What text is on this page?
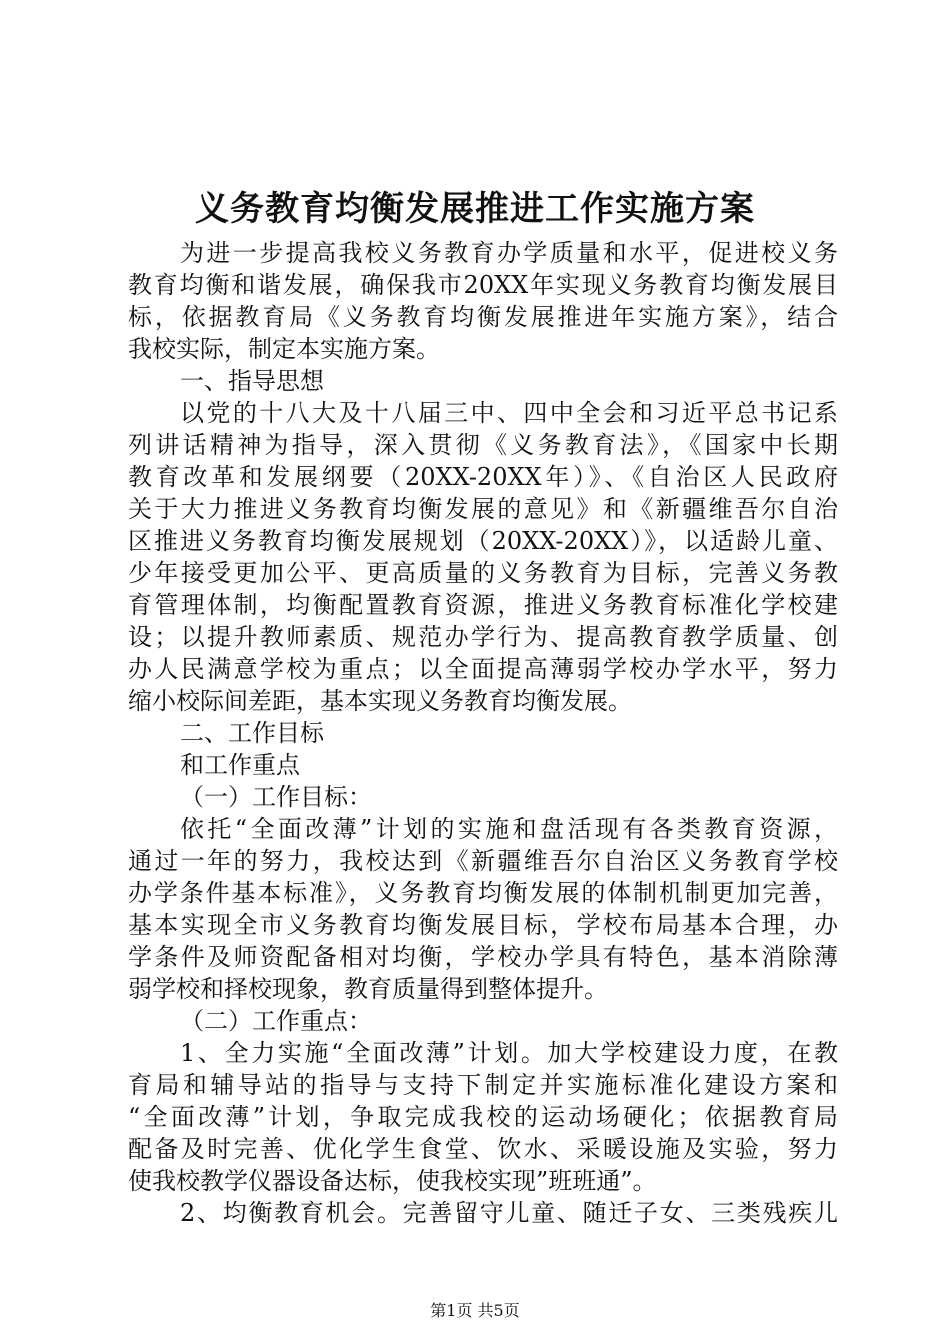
义务教育均衡发展推进工作实施方案
为进一步提高我校义务教育办学质量和水平，促进校义务
教育均衡和谐发展，确保我市20XX年实现义务教育均衡发展目
标，依据教育局《义务教育均衡发展推进年实施方案》，结合
我校实际，制定本实施方案。
一、指导思想
以党的十八大及十八届三中、四中全会和习近平总书记系
列讲话精神为指导，深入贯彻《义务教育法》，《国家中长期
教育改革和发展纲要（20XX-20XX年）》、《自治区人民政府
关于大力推进义务教育均衡发展的意见》和《新疆维吾尔自治
区推进义务教育均衡发展规划（20XX-20XX）》，以适龄儿童、
少年接受更加公平、更高质量的义务教育为目标，完善义务教
育管理体制，均衡配置教育资源，推进义务教育标准化学校建
设；以提升教师素质、规范办学行为、提高教育教学质量、创
办人民满意学校为重点；以全面提高薄弱学校办学水平，努力
缩小校际间差距，基本实现义务教育均衡发展。
二、工作目标
和工作重点
（一）工作目标：
依托“全面改薄”计划的实施和盘活现有各类教育资源，
通过一年的努力，我校达到《新疆维吾尔自治区义务教育学校
办学条件基本标准》，义务教育均衡发展的体制机制更加完善，
基本实现全市义务教育均衡发展目标，学校布局基本合理，办
学条件及师资配备相对均衡，学校办学具有特色，基本消除薄
弱学校和择校现象，教育质量得到整体提升。
（二）工作重点：
1、全力实施“全面改薄”计划。加大学校建设力度，在教
育局和辅导站的指导与支持下制定并实施标准化建设方案和
“全面改薄”计划，争取完成我校的运动场硬化；依据教育局
配备及时完善、优化学生食堂、饮水、采暖设施及实验，努力
使我校教学仪器设备达标，使我校实现”班班通”。
2、均衡教育机会。完善留守儿童、随迁子女、三类残疾儿
第1页 共5页
